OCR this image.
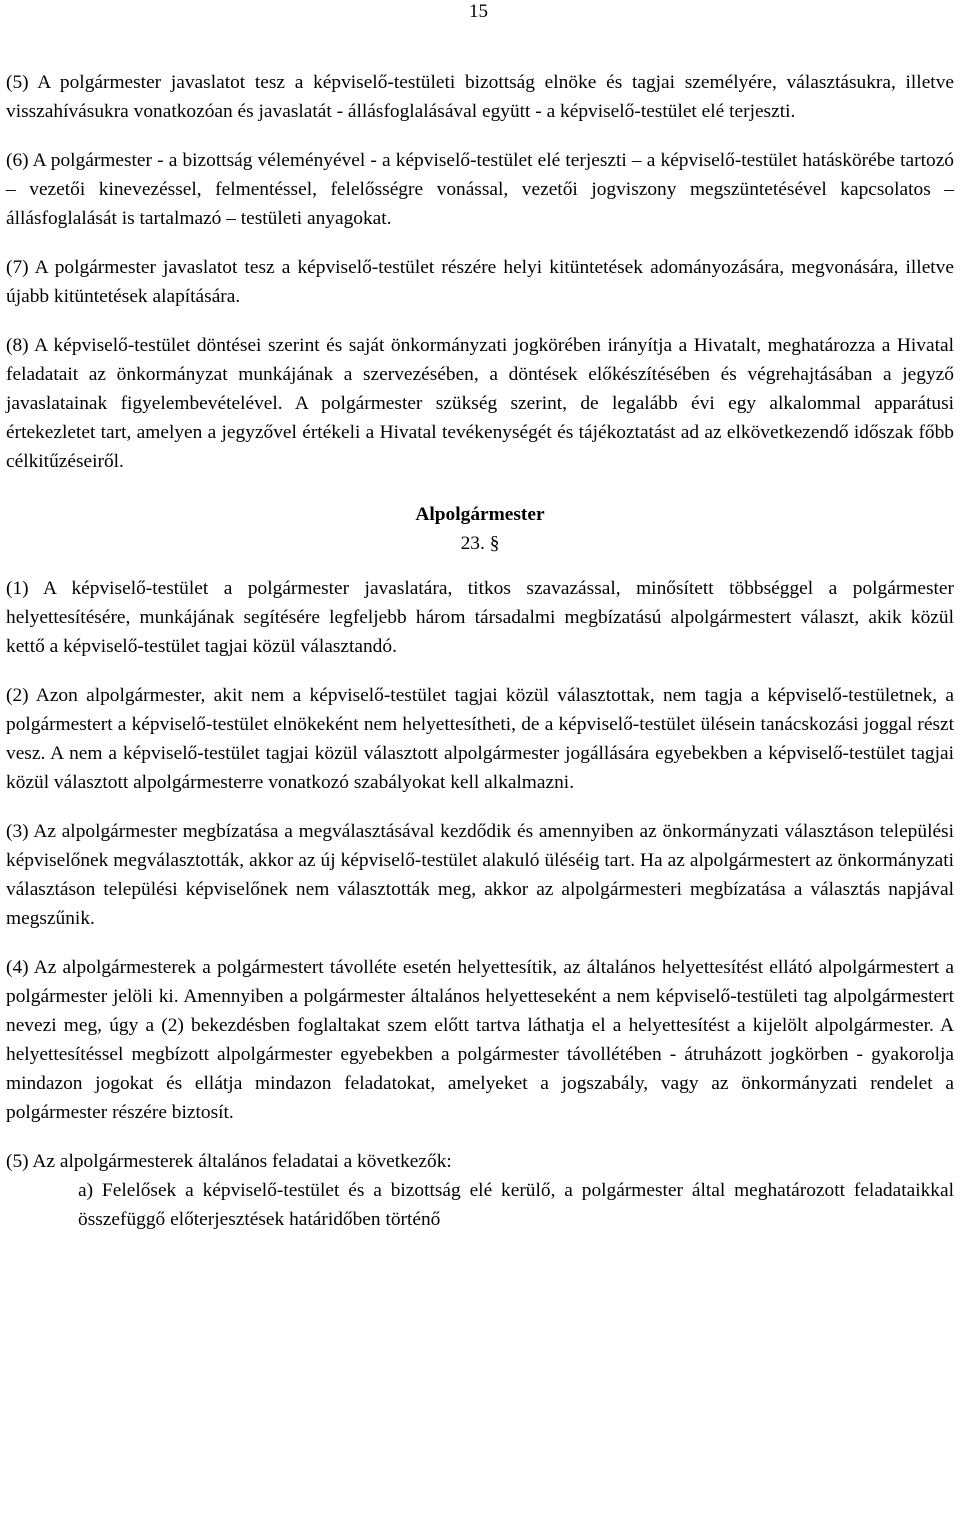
15

(5) A polgármester javaslatot tesz a képviselő-testületi bizottság elnöke és tagjai személyére, választásukra, illetve visszahívásukra vonatkozóan és javaslatát - állásfoglalásával együtt - a képviselő-testület elé terjeszti.

(6) A polgármester - a bizottság véleményével - a képviselő-testület elé terjeszti – a képviselő-testület hatáskörébe tartozó – vezetői kinevezéssel, felmentéssel, felelősségre vonással, vezetői jogviszony megszüntetésével kapcsolatos – állásfoglalását is tartalmazó – testületi anyagokat.

(7) A polgármester javaslatot tesz a képviselő-testület részére helyi kitüntetések adományozására, megvonására, illetve újabb kitüntetések alapítására.

(8) A képviselő-testület döntései szerint és saját önkormányzati jogkörében irányítja a Hivatalt, meghatározza a Hivatal feladatait az önkormányzat munkájának a szervezésében, a döntések előkészítésében és végrehajtásában a jegyző javaslatainak figyelembevételével. A polgármester szükség szerint, de legalább évi egy alkalommal apparátusi értekezletet tart, amelyen a jegyzővel értékeli a Hivatal tevékenységét és tájékoztatást ad az elkövetkezendő időszak főbb célkitűzéseiről.

Alpolgármester
23. §

(1) A képviselő-testület a polgármester javaslatára, titkos szavazással, minősített többséggel a polgármester helyettesítésére, munkájának segítésére legfeljebb három társadalmi megbízatású alpolgármestert választ, akik közül kettő a képviselő-testület tagjai közül választandó.

(2) Azon alpolgármester, akit nem a képviselő-testület tagjai közül választottak, nem tagja a képviselő-testületnek, a polgármestert a képviselő-testület elnökeként nem helyettesítheti, de a képviselő-testület ülésein tanácskozási joggal részt vesz. A nem a képviselő-testület tagjai közül választott alpolgármester jogállására egyebekben a képviselő-testület tagjai közül választott alpolgármesterre vonatkozó szabályokat kell alkalmazni.

(3) Az alpolgármester megbízatása a megválasztásával kezdődik és amennyiben az önkormányzati választáson települési képviselőnek megválasztották, akkor az új képviselő-testület alakuló üléséig tart. Ha az alpolgármestert az önkormányzati választáson települési képviselőnek nem választották meg, akkor az alpolgármesteri megbízatása a választás napjával megszűnik.

(4) Az alpolgármesterek a polgármestert távolléte esetén helyettesítik, az általános helyettesítést ellátó alpolgármestert a polgármester jelöli ki. Amennyiben a polgármester általános helyetteseként a nem képviselő-testületi tag alpolgármestert nevezi meg, úgy a (2) bekezdésben foglaltakat szem előtt tartva láthatja el a helyettesítést a kijelölt alpolgármester. A helyettesítéssel megbízott alpolgármester egyebekben a polgármester távollétében - átruházott jogkörben - gyakorolja mindazon jogokat és ellátja mindazon feladatokat, amelyeket a jogszabály, vagy az önkormányzati rendelet a polgármester részére biztosít.

(5) Az alpolgármesterek általános feladatai a következők:

a) Felelősek a képviselő-testület és a bizottság elé kerülő, a polgármester által meghatározott feladataikkal összefüggő előterjesztések határidőben történő
